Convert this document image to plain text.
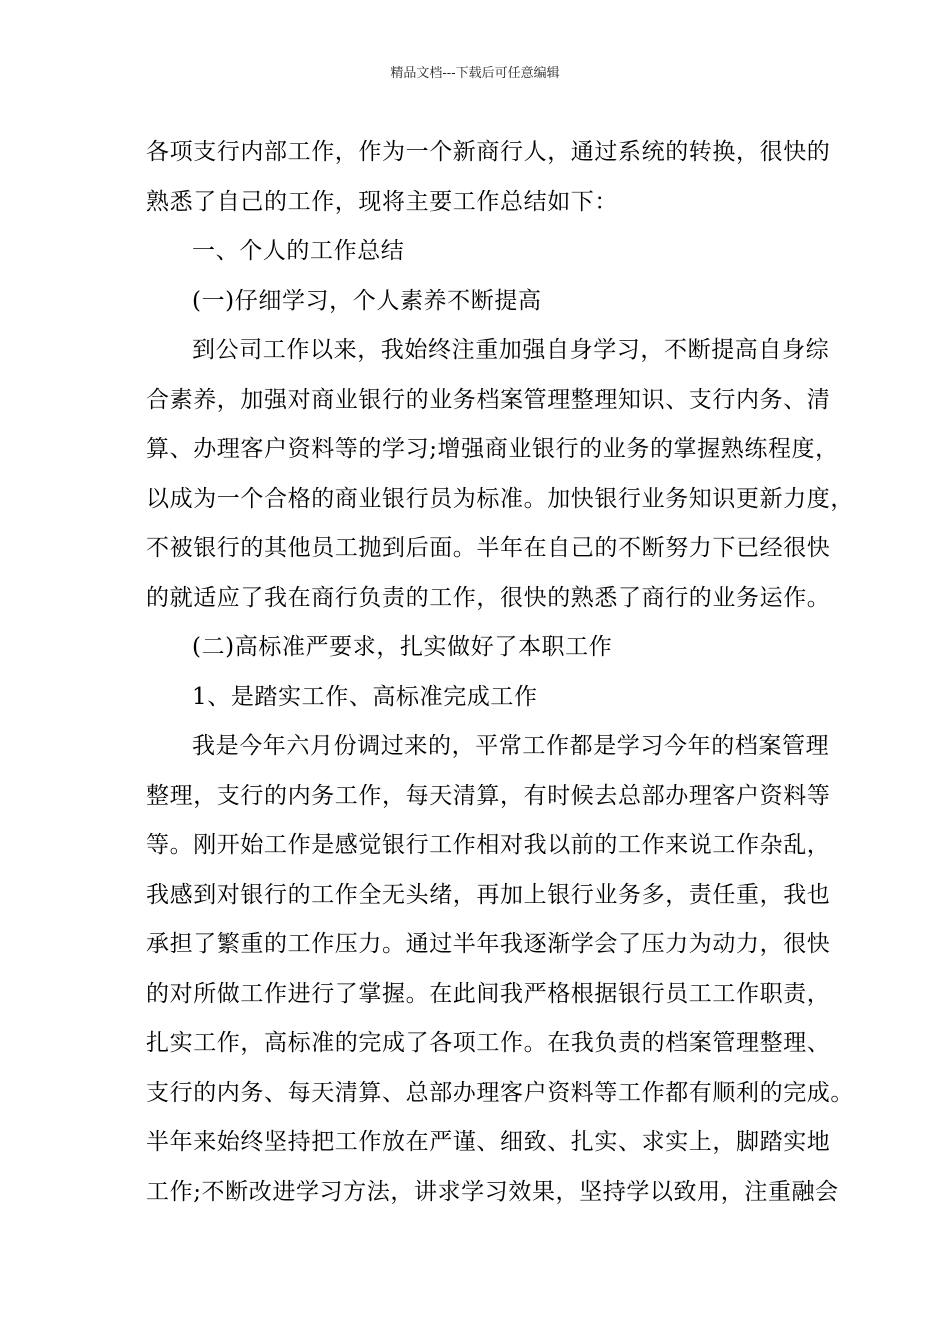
精品文档---下载后可任意编辑
各项支行内部工作，作为一个新商行人，通过系统的转换，很快的
熟悉了自己的工作，现将主要工作总结如下：
一、个人的工作总结
(一)仔细学习，个人素养不断提高
到公司工作以来，我始终注重加强自身学习，不断提高自身综
合素养，加强对商业银行的业务档案管理整理知识、支行内务、清
算、办理客户资料等的学习;增强商业银行的业务的掌握熟练程度，
以成为一个合格的商业银行员为标准。加快银行业务知识更新力度，
不被银行的其他员工抛到后面。半年在自己的不断努力下已经很快
的就适应了我在商行负责的工作，很快的熟悉了商行的业务运作。
(二)高标准严要求，扎实做好了本职工作
1、是踏实工作、高标准完成工作
我是今年六月份调过来的，平常工作都是学习今年的档案管理
整理，支行的内务工作，每天清算，有时候去总部办理客户资料等
等。刚开始工作是感觉银行工作相对我以前的工作来说工作杂乱，
我感到对银行的工作全无头绪，再加上银行业务多，责任重，我也
承担了繁重的工作压力。通过半年我逐渐学会了压力为动力，很快
的对所做工作进行了掌握。在此间我严格根据银行员工工作职责，
扎实工作，高标准的完成了各项工作。在我负责的档案管理整理、
支行的内务、每天清算、总部办理客户资料等工作都有顺利的完成。
半年来始终坚持把工作放在严谨、细致、扎实、求实上，脚踏实地
工作;不断改进学习方法，讲求学习效果，坚持学以致用，注重融会
